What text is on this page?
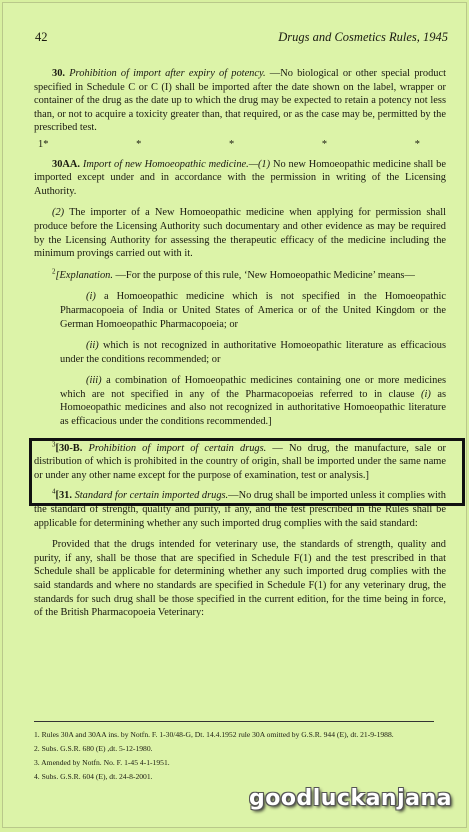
42	Drugs and Cosmetics Rules, 1945

30. Prohibition of import after expiry of potency. —No biological or other special product specified in Schedule C or C (I) shall be imported after the date shown on the label, wrapper or container of the drug as the date up to which the drug may be expected to retain a potency not less than, or not to acquire a toxicity greater than, that required, or as the case may be, permitted by the prescribed test.

1*	*	*	*	*

30AA. Import of new Homoeopathic medicine.—(1) No new Homoeopathic medicine shall be imported except under and in accordance with the permission in writing of the Licensing Authority.

(2) The importer of a New Homoeopathic medicine when applying for permission shall produce before the Licensing Authority such documentary and other evidence as may be required by the Licensing Authority for assessing the therapeutic efficacy of the medicine including the minimum provings carried out with it.

$^2$[Explanation. —For the purpose of this rule, ‘New Homoeopathic Medicine’ means—

(i) a Homoeopathic medicine which is not specified in the Homoeopathic Pharmacopoeia of India or United States of America or of the United Kingdom or the German Homoeopathic Pharmacopoeia; or

(ii) which is not recognized in authoritative Homoeopathic literature as efficacious under the conditions recommended; or

(iii) a combination of Homoeopathic medicines containing one or more medicines which are not specified in any of the Pharmacopoeias referred to in clause (i) as Homoeopathic medicines and also not recognized in authoritative Homoeopathic literature as efficacious under the conditions recommended.]

$^3$[30-B. Prohibition of import of certain drugs. — No drug, the manufacture, sale or distribution of which is prohibited in the country of origin, shall be imported under the same name or under any other name except for the purpose of examination, test or analysis.]

$^4$[31. Standard for certain imported drugs.—No drug shall be imported unless it complies with the standard of strength, quality and purity, if any, and the test prescribed in the Rules shall be applicable for determining whether any such imported drug complies with the said standard:

Provided that the drugs intended for veterinary use, the standards of strength, quality and purity, if any, shall be those that are specified in Schedule F(1) and the test prescribed in that Schedule shall be applicable for determining whether any such imported drug complies with the said standards and where no standards are specified in Schedule F(1) for any veterinary drug, the standards for such drug shall be those specified in the current edition, for the time being in force, of the British Pharmacopoeia Veterinary:

1. Rules 30A and 30AA ins. by Notfn. F. 1-30/48-G, Dt. 14.4.1952 rule 30A omitted by G.S.R. 944 (E), dt. 21-9-1988.
2. Subs. G.S.R. 680 (E) ,dt. 5-12-1980.
3. Amended by Notfn. No. F. 1-45 4-1-1951.
4. Subs. G.S.R. 604 (E), dt. 24-8-2001.
goodluckanjana
